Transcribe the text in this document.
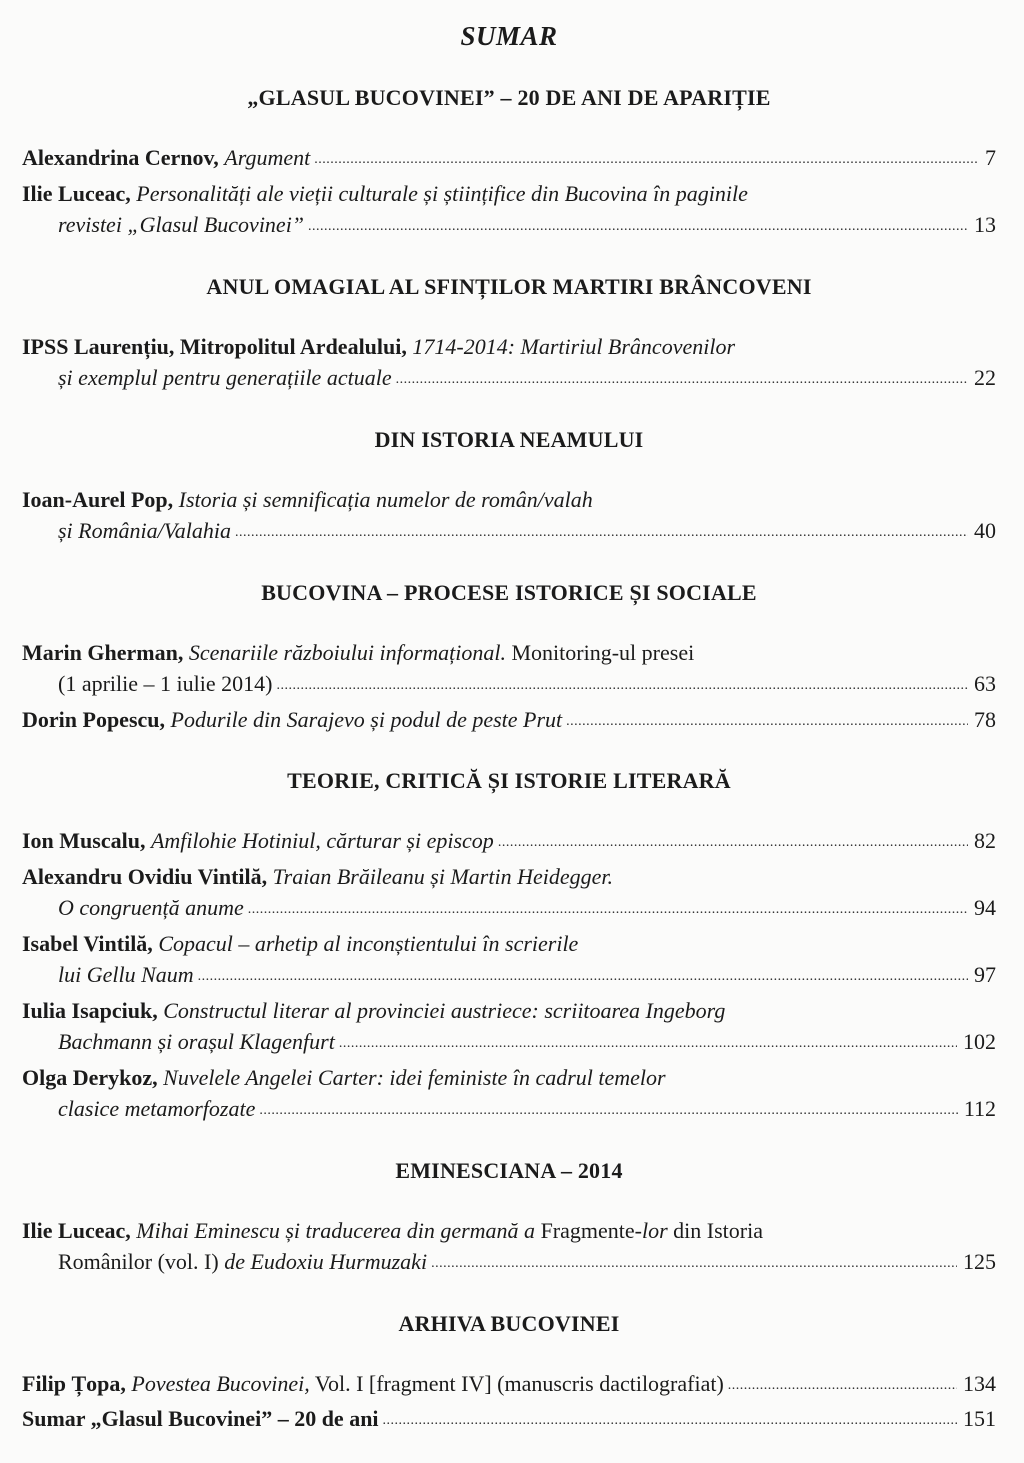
SUMAR
„GLASUL BUCOVINEI” – 20 DE ANI DE APARIȚIE
Alexandrina Cernov,
Argument .....	7
Ilie Luceac,
Personalități ale vieții culturale și științifice din Bucovina în paginile
revistei „Glasul Bucovinei” .....	13
ANUL OMAGIAL AL SFINȚILOR MARTIRI BRÂNCOVENI
IPSS Laurențiu, Mitropolitul Ardealului,
1714-2014: Martiriul Brâncovenilor
și exemplul pentru generațiile actuale .....	22
DIN ISTORIA NEAMULUI
Ioan-Aurel Pop,
Istoria și semnificația numelor de român/valah
și România/Valahia .....	40
BUCOVINA – PROCESE ISTORICE ȘI SOCIALE
Marin Gherman,
Scenariile războiului informațional. Monitoring-ul presei
(1 aprilie – 1 iulie 2014) .....	63
Dorin Popescu,
Podurile din Sarajevo și podul de peste Prut .....	78
TEORIE, CRITICĂ ȘI ISTORIE LITERARĂ
Ion Muscalu,
Amfilohie Hotiniul, cărturar și episcop .....	82
Alexandru Ovidiu Vintilă,
Traian Brăileanu și Martin Heidegger.
O congruență anume .....	94
Isabel Vintilă,
Copacul – arhetip al inconștientului în scrierile
lui Gellu Naum .....	97
Iulia Isapciuk,
Constructul literar al provinciei austriece: scriitoarea Ingeborg
Bachmann și orașul Klagenfurt .....	102
Olga Derykoz,
Nuvelele Angelei Carter: idei feministe în cadrul temelor
clasice metamorfozate .....	112
EMINESCIANA – 2014
Ilie Luceac,
Mihai Eminescu și traducerea din germană a Fragmente- lor din Istoria
Românilor (vol. I) de Eudoxiu Hurmuzaki .....	125
ARHIVA BUCOVINEI
Filip Țopa,
Povestea Bucovinei, Vol. I [fragment IV] (manuscris dactilografiat) .....	134
Sumar „Glasul Bucovinei” – 20 de ani .....	151
